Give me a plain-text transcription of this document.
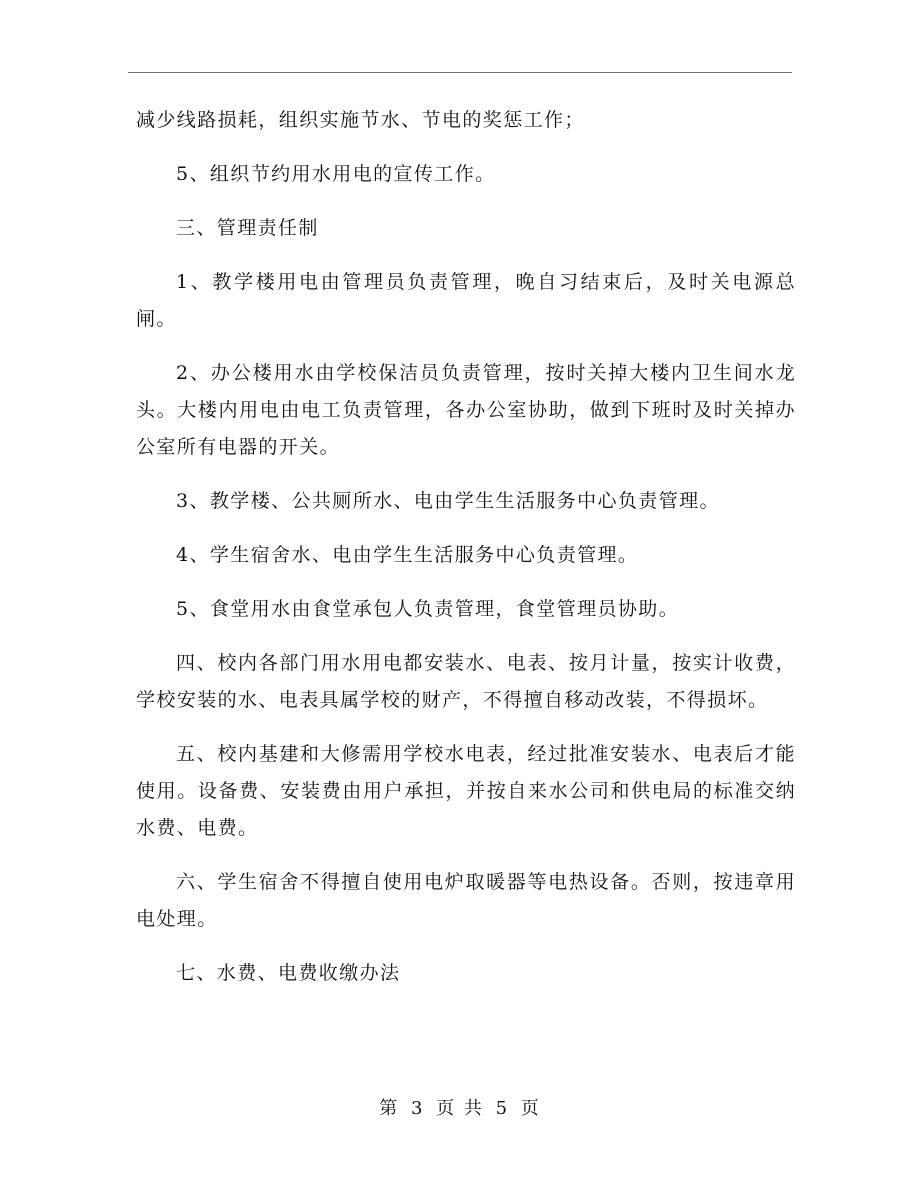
减少线路损耗，组织实施节水、节电的奖惩工作；

5、组织节约用水用电的宣传工作。

三、管理责任制

1、教学楼用电由管理员负责管理，晚自习结束后，及时关电源总闸。

2、办公楼用水由学校保洁员负责管理，按时关掉大楼内卫生间水龙头。大楼内用电由电工负责管理，各办公室协助，做到下班时及时关掉办公室所有电器的开关。

3、教学楼、公共厕所水、电由学生生活服务中心负责管理。

4、学生宿舍水、电由学生生活服务中心负责管理。

5、食堂用水由食堂承包人负责管理，食堂管理员协助。

四、校内各部门用水用电都安装水、电表、按月计量，按实计收费，学校安装的水、电表具属学校的财产，不得擅自移动改装，不得损坏。

五、校内基建和大修需用学校水电表，经过批准安装水、电表后才能使用。设备费、安装费由用户承担，并按自来水公司和供电局的标准交纳水费、电费。

六、学生宿舍不得擅自使用电炉取暖器等电热设备。否则，按违章用电处理。

七、水费、电费收缴办法

第 3 页 共 5 页
